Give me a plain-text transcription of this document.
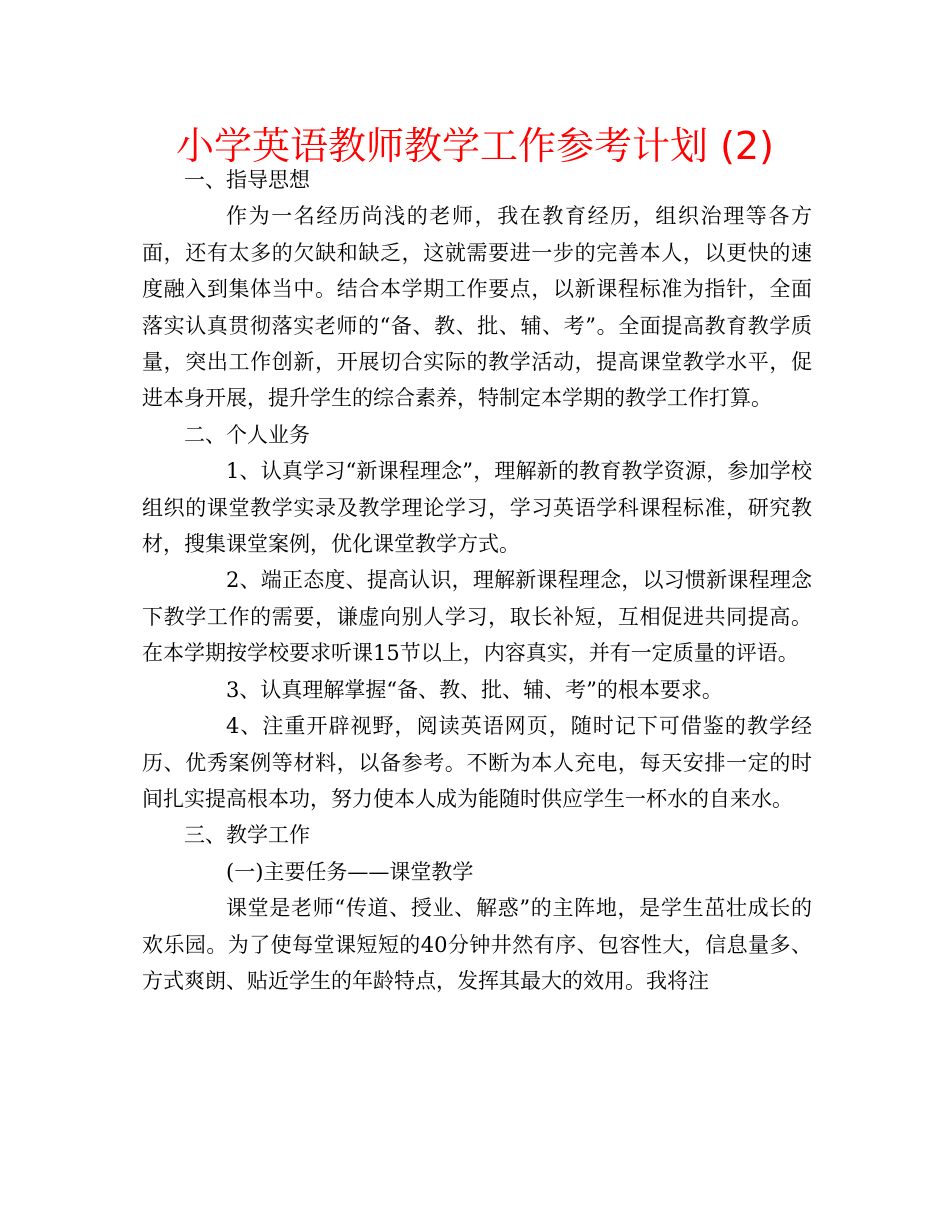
小学英语教师教学工作参考计划 (2)

一、指导思想

作为一名经历尚浅的老师，我在教育经历，组织治理等各方面，还有太多的欠缺和缺乏，这就需要进一步的完善本人，以更快的速度融入到集体当中。结合本学期工作要点，以新课程标准为指针，全面落实认真贯彻落实老师的“备、教、批、辅、考”。全面提高教育教学质量，突出工作创新，开展切合实际的教学活动，提高课堂教学水平，促进本身开展，提升学生的综合素养，特制定本学期的教学工作打算。

二、个人业务

1、认真学习“新课程理念”，理解新的教育教学资源，参加学校组织的课堂教学实录及教学理论学习，学习英语学科课程标准，研究教材，搜集课堂案例，优化课堂教学方式。

2、端正态度、提高认识，理解新课程理念，以习惯新课程理念下教学工作的需要，谦虚向别人学习，取长补短，互相促进共同提高。在本学期按学校要求听课15节以上，内容真实，并有一定质量的评语。

3、认真理解掌握“备、教、批、辅、考”的根本要求。

4、注重开辟视野，阅读英语网页，随时记下可借鉴的教学经历、优秀案例等材料，以备参考。不断为本人充电，每天安排一定的时间扎实提高根本功，努力使本人成为能随时供应学生一杯水的自来水。

三、教学工作

(一)主要任务——课堂教学

课堂是老师“传道、授业、解惑”的主阵地，是学生茁壮成长的欢乐园。为了使每堂课短短的40分钟井然有序、包容性大，信息量多、方式爽朗、贴近学生的年龄特点，发挥其最大的效用。我将注
